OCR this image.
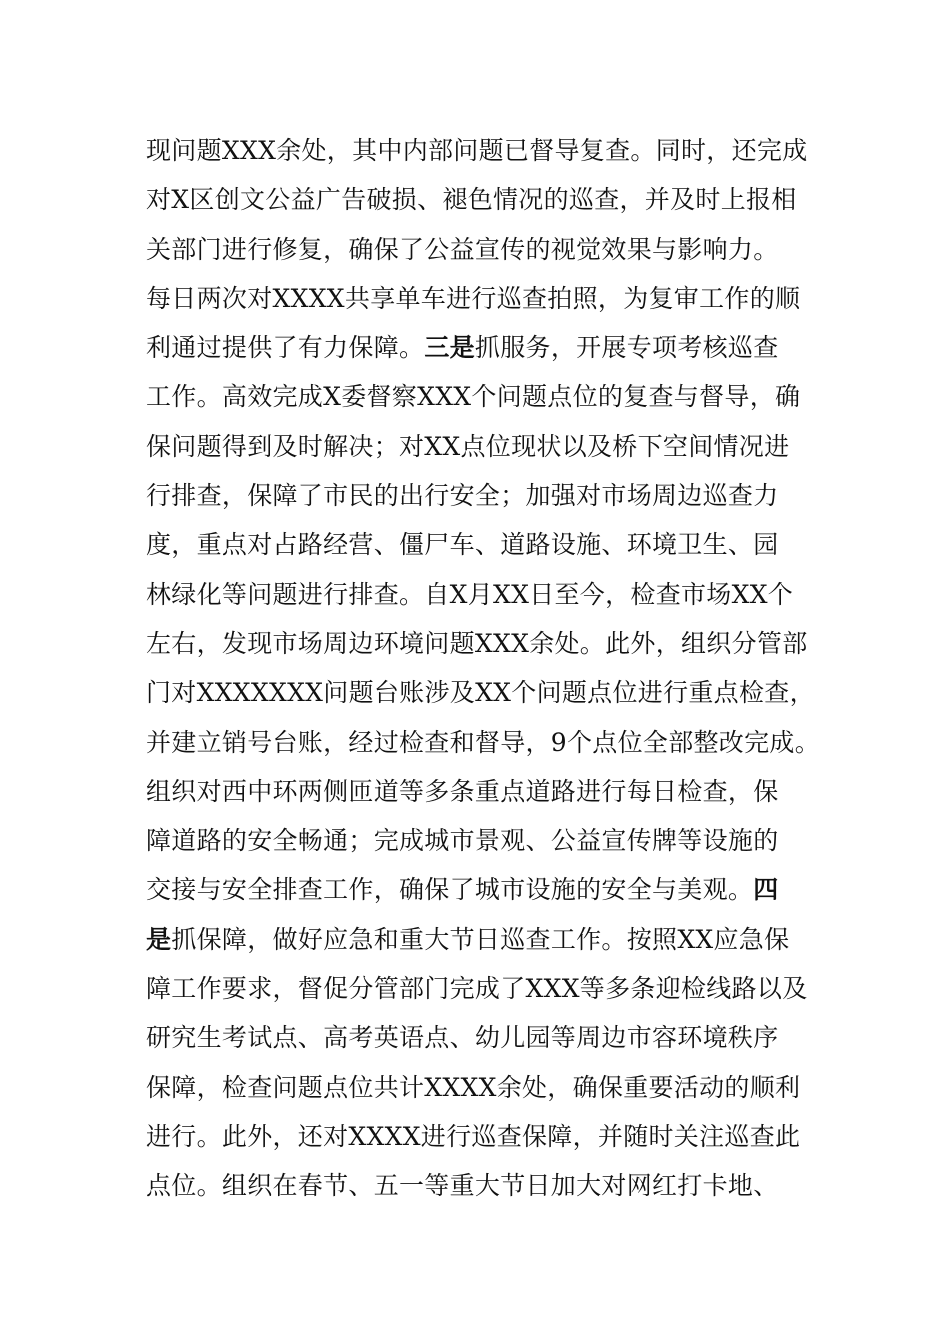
现问题XXX余处，其中内部问题已督导复查。同时，还完成
对X区创文公益广告破损、褪色情况的巡查，并及时上报相
关部门进行修复，确保了公益宣传的视觉效果与影响力。
每日两次对XXXX共享单车进行巡查拍照，为复审工作的顺
利通过提供了有力保障。三是抓服务，开展专项考核巡查
工作。高效完成X委督察XXX个问题点位的复查与督导，确
保问题得到及时解决；对XX点位现状以及桥下空间情况进
行排查，保障了市民的出行安全；加强对市场周边巡查力
度，重点对占路经营、僵尸车、道路设施、环境卫生、园
林绿化等问题进行排查。自X月XX日至今，检查市场XX个
左右，发现市场周边环境问题XXX余处。此外，组织分管部
门对XXXXXXX问题台账涉及XX个问题点位进行重点检查，
并建立销号台账，经过检查和督导，9个点位全部整改完成。
组织对西中环两侧匝道等多条重点道路进行每日检查，保
障道路的安全畅通；完成城市景观、公益宣传牌等设施的
交接与安全排查工作，确保了城市设施的安全与美观。四
是抓保障，做好应急和重大节日巡查工作。按照XX应急保
障工作要求，督促分管部门完成了XXX等多条迎检线路以及
研究生考试点、高考英语点、幼儿园等周边市容环境秩序
保障，检查问题点位共计XXXX余处，确保重要活动的顺利
进行。此外，还对XXXX进行巡查保障，并随时关注巡查此
点位。组织在春节、五一等重大节日加大对网红打卡地、
